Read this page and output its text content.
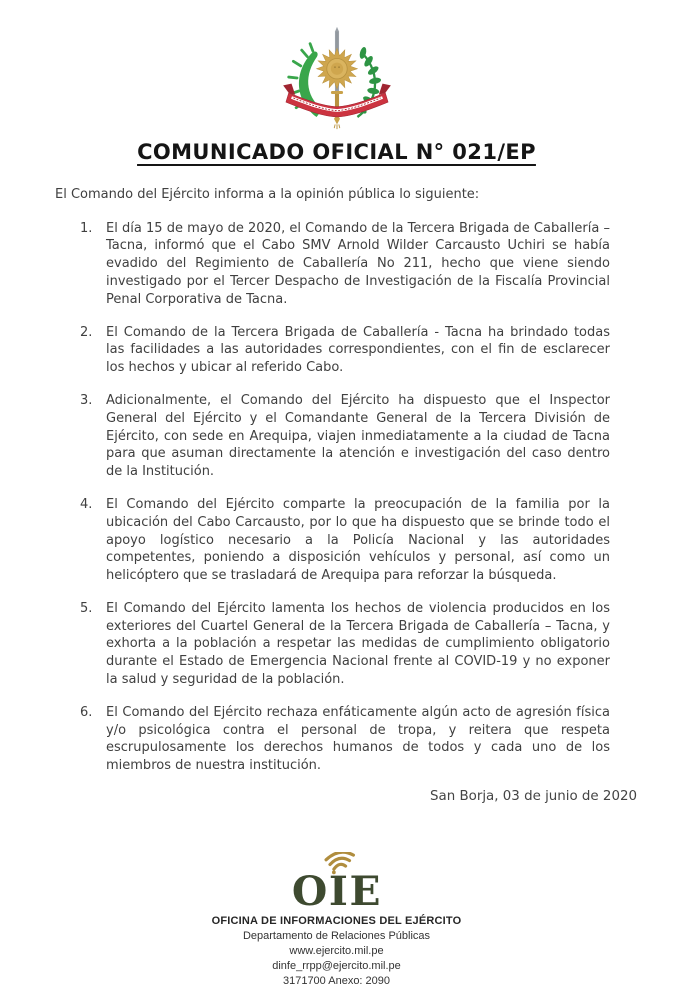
COMUNICADO OFICIAL N° 021/EP

El Comando del Ejército informa a la opinión pública lo siguiente:

1.	El día 15 de mayo de 2020, el Comando de la Tercera Brigada de Caballería – Tacna, informó que el Cabo SMV Arnold Wilder Carcausto Uchiri se había evadido del Regimiento de Caballería No 211, hecho que viene siendo investigado por el Tercer Despacho de Investigación de la Fiscalía Provincial Penal Corporativa de Tacna.
2.	El Comando de la Tercera Brigada de Caballería - Tacna ha brindado todas las facilidades a las autoridades correspondientes, con el fin de esclarecer los hechos y ubicar al referido Cabo.
3.	Adicionalmente, el Comando del Ejército ha dispuesto que el Inspector General del Ejército y el Comandante General de la Tercera División de Ejército, con sede en Arequipa, viajen inmediatamente a la ciudad de Tacna para que asuman directamente la atención e investigación del caso dentro de la Institución.
4.	El Comando del Ejército comparte la preocupación de la familia por la ubicación del Cabo Carcausto, por lo que ha dispuesto que se brinde todo el apoyo logístico necesario a la Policía Nacional y las autoridades competentes, poniendo a disposición vehículos y personal, así como un helicóptero que se trasladará de Arequipa para reforzar la búsqueda.
5.	El Comando del Ejército lamenta los hechos de violencia producidos en los exteriores del Cuartel General de la Tercera Brigada de Caballería – Tacna, y exhorta a la población a respetar las medidas de cumplimiento obligatorio durante el Estado de Emergencia Nacional frente al COVID-19 y no exponer la salud y seguridad de la población.
6.	El Comando del Ejército rechaza enfáticamente algún acto de agresión física y/o psicológica contra el personal de tropa, y reitera que respeta escrupulosamente los derechos humanos de todos y cada uno de los miembros de nuestra institución.

San Borja, 03 de junio de 2020

OIE
OFICINA DE INFORMACIONES DEL EJÉRCITO
Departamento de Relaciones Públicas
www.ejercito.mil.pe
dinfe_rrpp@ejercito.mil.pe
3171700 Anexo: 2090
